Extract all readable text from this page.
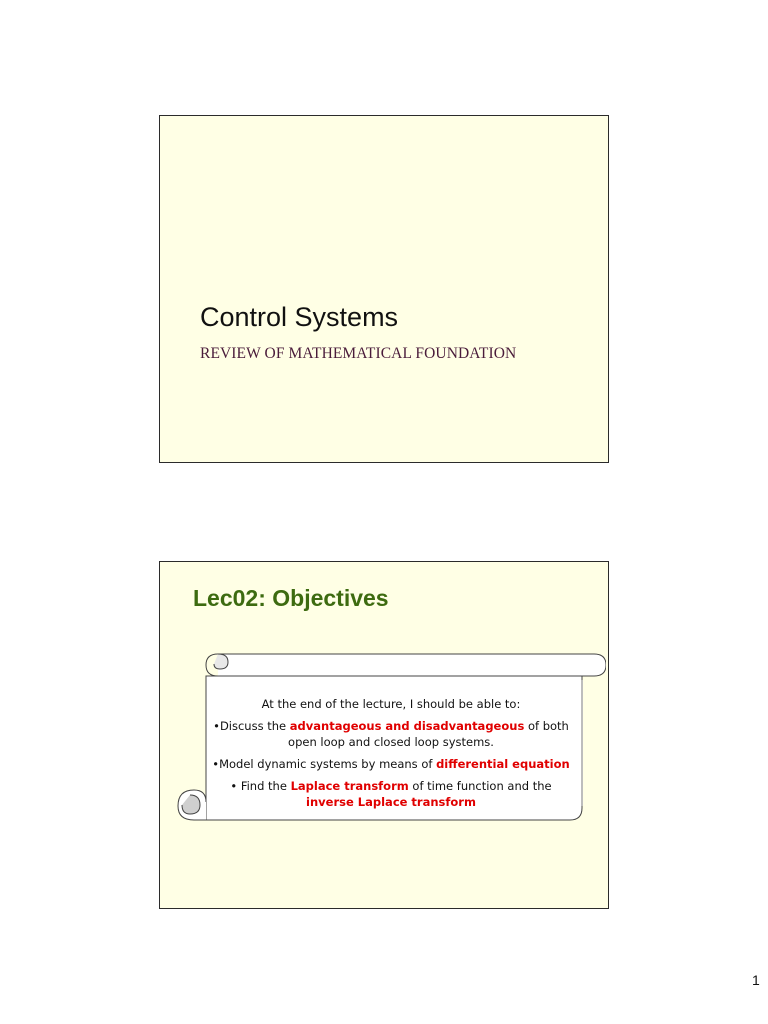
Control Systems
REVIEW OF MATHEMATICAL FOUNDATION
Lec02: Objectives

At the end of the lecture, I should be able to:

•Discuss the advantageous and disadvantageous of both open loop and closed loop systems.

•Model dynamic systems by means of differential equation

• Find the Laplace transform of time function and the inverse Laplace transform

1
